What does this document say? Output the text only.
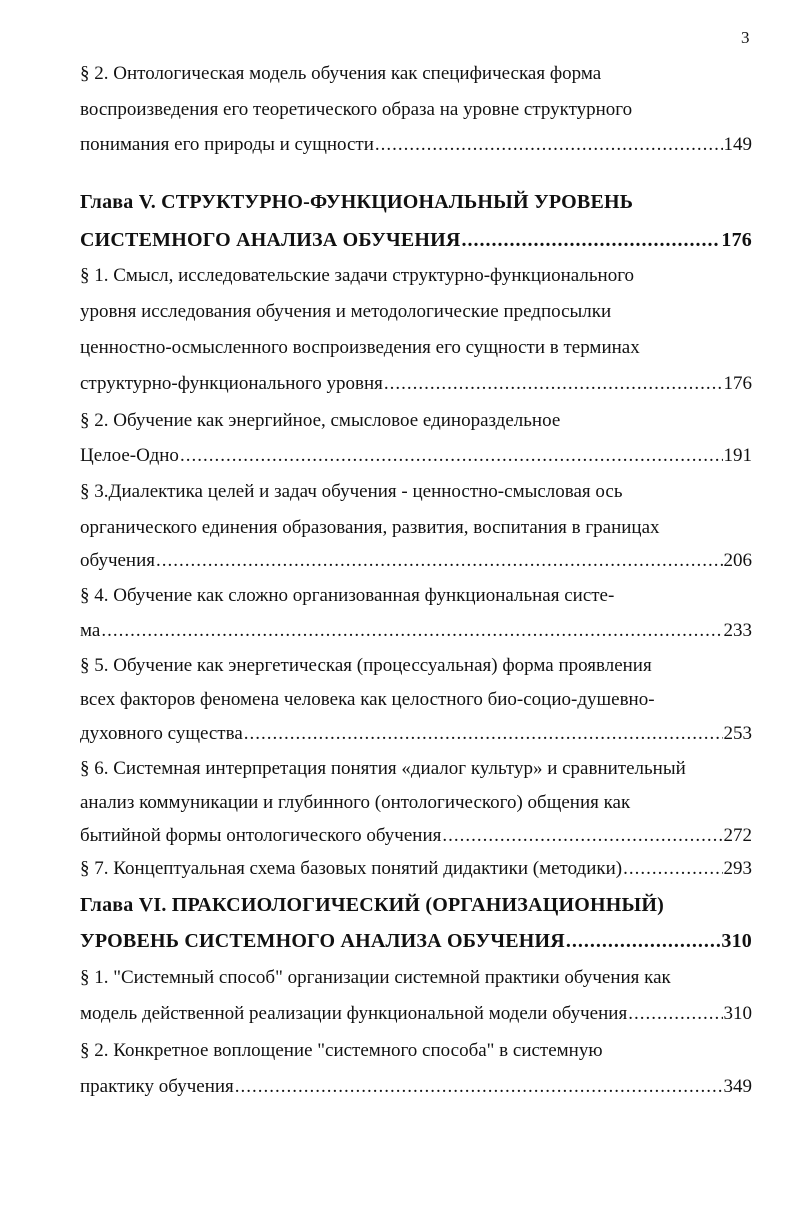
3
§ 2. Онтологическая модель обучения как специфическая форма
воспроизведения его теоретического образа на уровне структурного
понимания его природы и сущности .....	149
Глава V. СТРУКТУРНО-ФУНКЦИОНАЛЬНЫЙ УРОВЕНЬ
СИСТЕМНОГО АНАЛИЗА ОБУЧЕНИЯ .....	176
§ 1. Смысл, исследовательские задачи структурно-функционального
уровня исследования обучения и методологические предпосылки
ценностно-осмысленного воспроизведения его сущности в терминах
структурно-функционального уровня .....	176
§ 2. Обучение как энергийное, смысловое единораздельное
Целое-Одно .....	191
§ 3.Диалектика целей и задач обучения - ценностно-смысловая ось
органического единения образования, развития, воспитания в границах
обучения .....	206
§ 4. Обучение как сложно организованная функциональная систе-
ма .....	233
§ 5. Обучение как энергетическая (процессуальная) форма проявления
всех факторов феномена человека как целостного био-социо-душевно-
духовного существа .....	253
§ 6. Системная интерпретация понятия «диалог культур» и сравнительный
анализ коммуникации и глубинного (онтологического) общения как
бытийной формы онтологического обучения .....	272
§ 7. Концептуальная схема базовых понятий дидактики (методики) .....	293
Глава VI. ПРАКСИОЛОГИЧЕСКИЙ (ОРГАНИЗАЦИОННЫЙ)
УРОВЕНЬ СИСТЕМНОГО АНАЛИЗА ОБУЧЕНИЯ .....	310
§ 1. "Системный способ" организации системной практики обучения как
модель действенной реализации функциональной модели обучения .....	310
§ 2. Конкретное воплощение "системного способа" в системную
практику обучения .....	349
